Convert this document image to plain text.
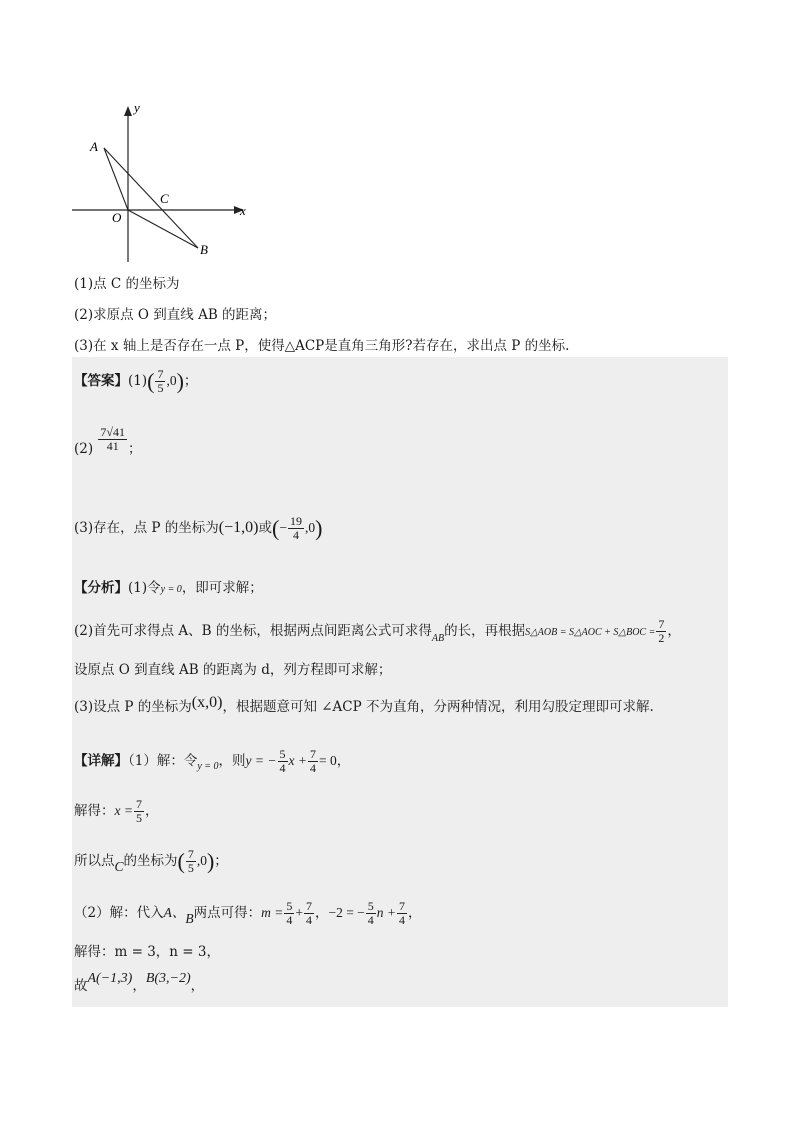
y
x
A
O
C
B
(1)点 C 的坐标为
(2)求原点 O 到直线 AB 的距离；
(3)在 x 轴上是否存在一点 P，使得△ACP是直角三角形?若存在，求出点 P 的坐标.
【答案】$(1)( \frac{7}{5} ,0)$；
$(2) \frac{7√41}{41}$ ；
(3)存在，点 P 的坐标为(−1,0)或(− $\frac{19}{4} ,0$)
【分析】(1)令y = 0，即可求解；
(2)首先可求得点 A、B 的坐标，根据两点间距离公式可求得$_{AB}$的长，再根据S△AOB = S△AOC + S△BOC = $\frac{7}{2}$ ，
设原点 O 到直线 AB 的距离为 d，列方程即可求解；
(3)设点 P 的坐标为(x,0)，根据题意可知 ∠ACP 不为直角，分两种情况，利用勾股定理即可求解.
【详解】（1）解：令$_{y = 0}$，则y = − $\frac{5}{4}$ $x + \frac{7}{4} = 0$，
解得：$x = \frac{7}{5}$ ，
所以点C的坐标为( $\frac{7}{5} ,0$)；
（2）解：代入A、B两点可得：$m = \frac{5}{4} + \frac{7}{4}$ ，−2 = − $\frac{5}{4}$ $n + \frac{7}{4}$ ，
解得：m = 3，n = 3，
故A(−1,3)，B(3,−2)，
